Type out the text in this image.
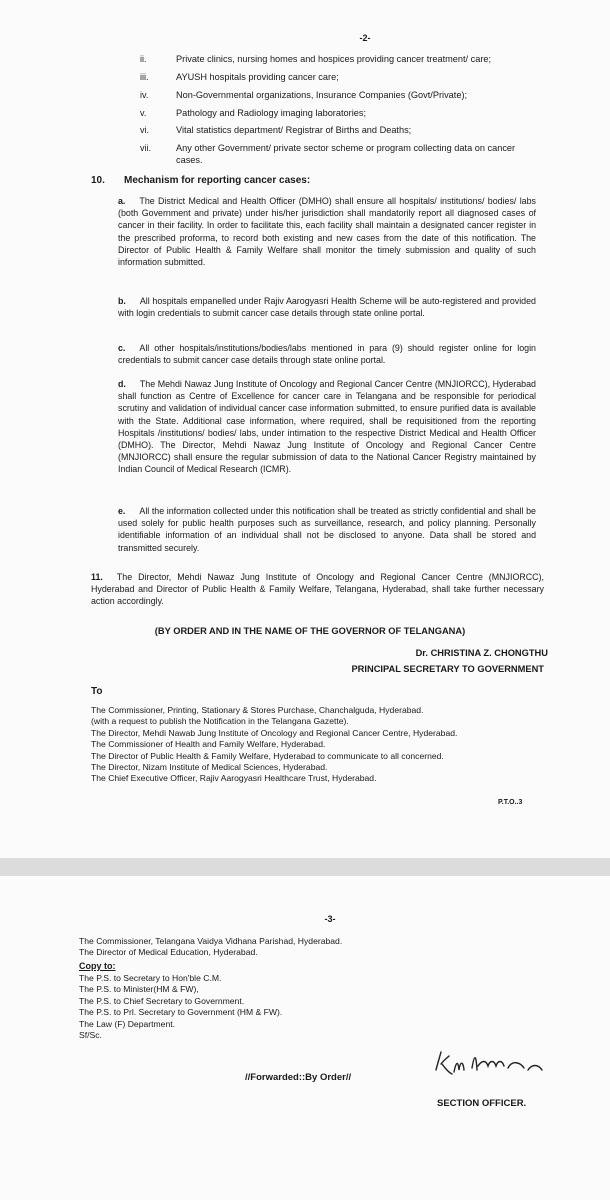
-2-
ii.	Private clinics, nursing homes and hospices providing cancer treatment/ care;
iii.	AYUSH hospitals providing cancer care;
iv.	Non-Governmental organizations, Insurance Companies (Govt/Private);
v.	Pathology and Radiology imaging laboratories;
vi.	Vital statistics department/ Registrar of Births and Deaths;
vii.	Any other Government/ private sector scheme or program collecting data on cancer cases.
10. Mechanism for reporting cancer cases:
a. The District Medical and Health Officer (DMHO) shall ensure all hospitals/ institutions/ bodies/ labs (both Government and private) under his/her jurisdiction shall mandatorily report all diagnosed cases of cancer in their facility. In order to facilitate this, each facility shall maintain a designated cancer register in the prescribed proforma, to record both existing and new cases from the date of this notification. The Director of Public Health & Family Welfare shall monitor the timely submission and quality of such information submitted.
b. All hospitals empanelled under Rajiv Aarogyasri Health Scheme will be auto-registered and provided with login credentials to submit cancer case details through state online portal.
c. All other hospitals/institutions/bodies/labs mentioned in para (9) should register online for login credentials to submit cancer case details through state online portal.
d. The Mehdi Nawaz Jung Institute of Oncology and Regional Cancer Centre (MNJIORCC), Hyderabad shall function as Centre of Excellence for cancer care in Telangana and be responsible for periodical scrutiny and validation of individual cancer case information submitted, to ensure purified data is available with the State. Additional case information, where required, shall be requisitioned from the reporting Hospitals /institutions/ bodies/ labs, under intimation to the respective District Medical and Health Officer (DMHO). The Director, Mehdi Nawaz Jung Institute of Oncology and Regional Cancer Centre (MNJIORCC) shall ensure the regular submission of data to the National Cancer Registry maintained by Indian Council of Medical Research (ICMR).
e. All the information collected under this notification shall be treated as strictly confidential and shall be used solely for public health purposes such as surveillance, research, and policy planning. Personally identifiable information of an individual shall not be disclosed to anyone. Data shall be stored and transmitted securely.
11. The Director, Mehdi Nawaz Jung Institute of Oncology and Regional Cancer Centre (MNJIORCC), Hyderabad and Director of Public Health & Family Welfare, Telangana, Hyderabad, shall take further necessary action accordingly.
(BY ORDER AND IN THE NAME OF THE GOVERNOR OF TELANGANA)
Dr. CHRISTINA Z. CHONGTHU
PRINCIPAL SECRETARY TO GOVERNMENT
To
The Commissioner, Printing, Stationary & Stores Purchase, Chanchalguda, Hyderabad.
(with a request to publish the Notification in the Telangana Gazette).
The Director, Mehdi Nawab Jung Institute of Oncology and Regional Cancer Centre, Hyderabad.
The Commissioner of Health and Family Welfare, Hyderabad.
The Director of Public Health & Family Welfare, Hyderabad to communicate to all concerned.
The Director, Nizam Institute of Medical Sciences, Hyderabad.
The Chief Executive Officer, Rajiv Aarogyasri Healthcare Trust, Hyderabad.
P.T.O..3
-3-
The Commissioner, Telangana Vaidya Vidhana Parishad, Hyderabad.
The Director of Medical Education, Hyderabad.
Copy to:
The P.S. to Secretary to Hon'ble C.M.
The P.S. to Minister(HM & FW),
The P.S. to Chief Secretary to Government.
The P.S. to Prl. Secretary to Government (HM & FW).
The Law (F) Department.
Sf/Sc.
//Forwarded::By Order//
SECTION OFFICER.
